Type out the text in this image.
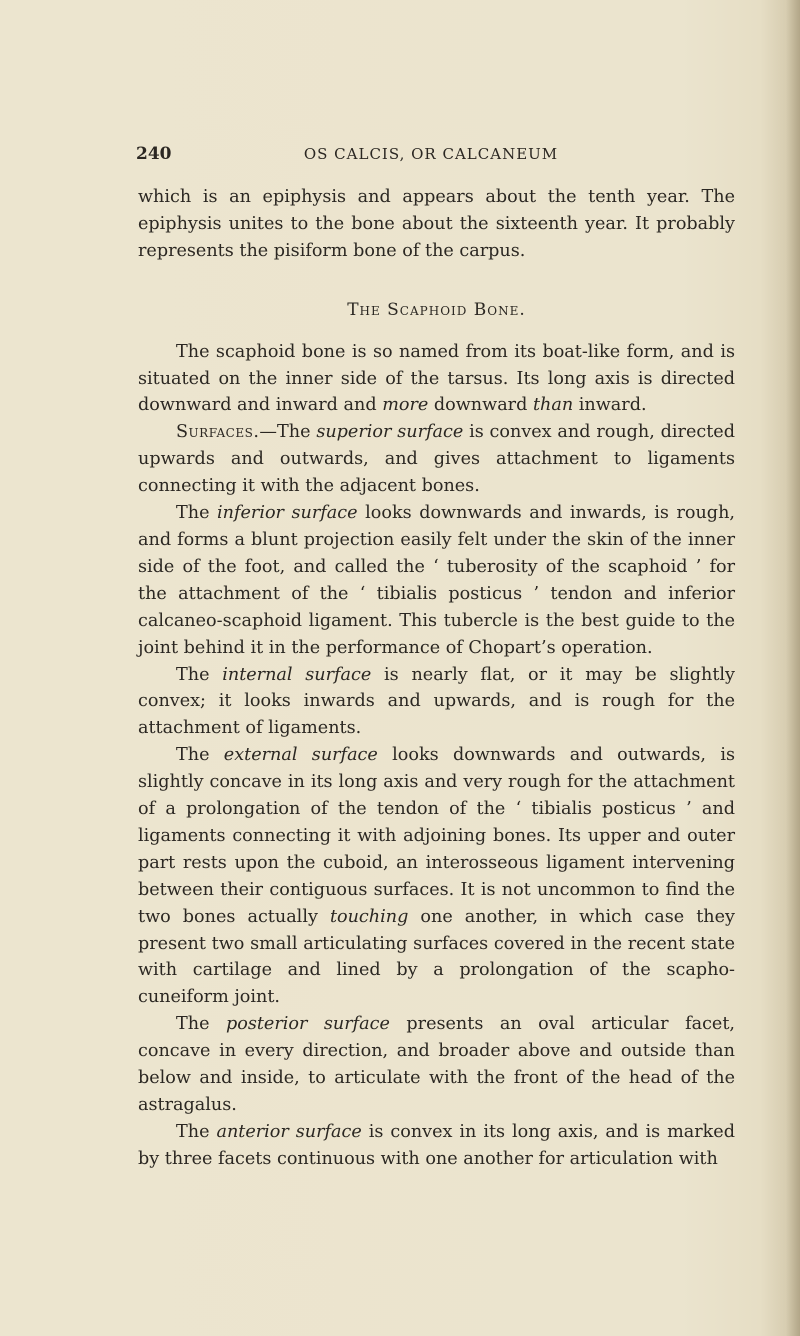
240	OS CALCIS, OR CALCANEUM

which is an epiphysis and appears about the tenth year. The epiphysis unites to the bone about the sixteenth year. It probably represents the pisiform bone of the carpus.

The Scaphoid Bone.

The scaphoid bone is so named from its boat-like form, and is situated on the inner side of the tarsus. Its long axis is directed downward and inward and more downward than inward.

Surfaces.—The superior surface is convex and rough, directed upwards and outwards, and gives attachment to ligaments connecting it with the adjacent bones.

The inferior surface looks downwards and inwards, is rough, and forms a blunt projection easily felt under the skin of the inner side of the foot, and called the ‘ tuberosity of the scaphoid ’ for the attachment of the ‘ tibialis posticus ’ tendon and inferior calcaneo-scaphoid ligament. This tubercle is the best guide to the joint behind it in the performance of Chopart’s operation.

The internal surface is nearly flat, or it may be slightly convex; it looks inwards and upwards, and is rough for the attachment of ligaments.

The external surface looks downwards and outwards, is slightly concave in its long axis and very rough for the attachment of a prolongation of the tendon of the ‘ tibialis posticus ’ and ligaments connecting it with adjoining bones. Its upper and outer part rests upon the cuboid, an interosseous ligament intervening between their contiguous surfaces. It is not uncommon to find the two bones actually touching one another, in which case they present two small articulating surfaces covered in the recent state with cartilage and lined by a prolongation of the scapho-cuneiform joint.

The posterior surface presents an oval articular facet, concave in every direction, and broader above and outside than below and inside, to articulate with the front of the head of the astragalus.

The anterior surface is convex in its long axis, and is marked by three facets continuous with one another for articulation with
